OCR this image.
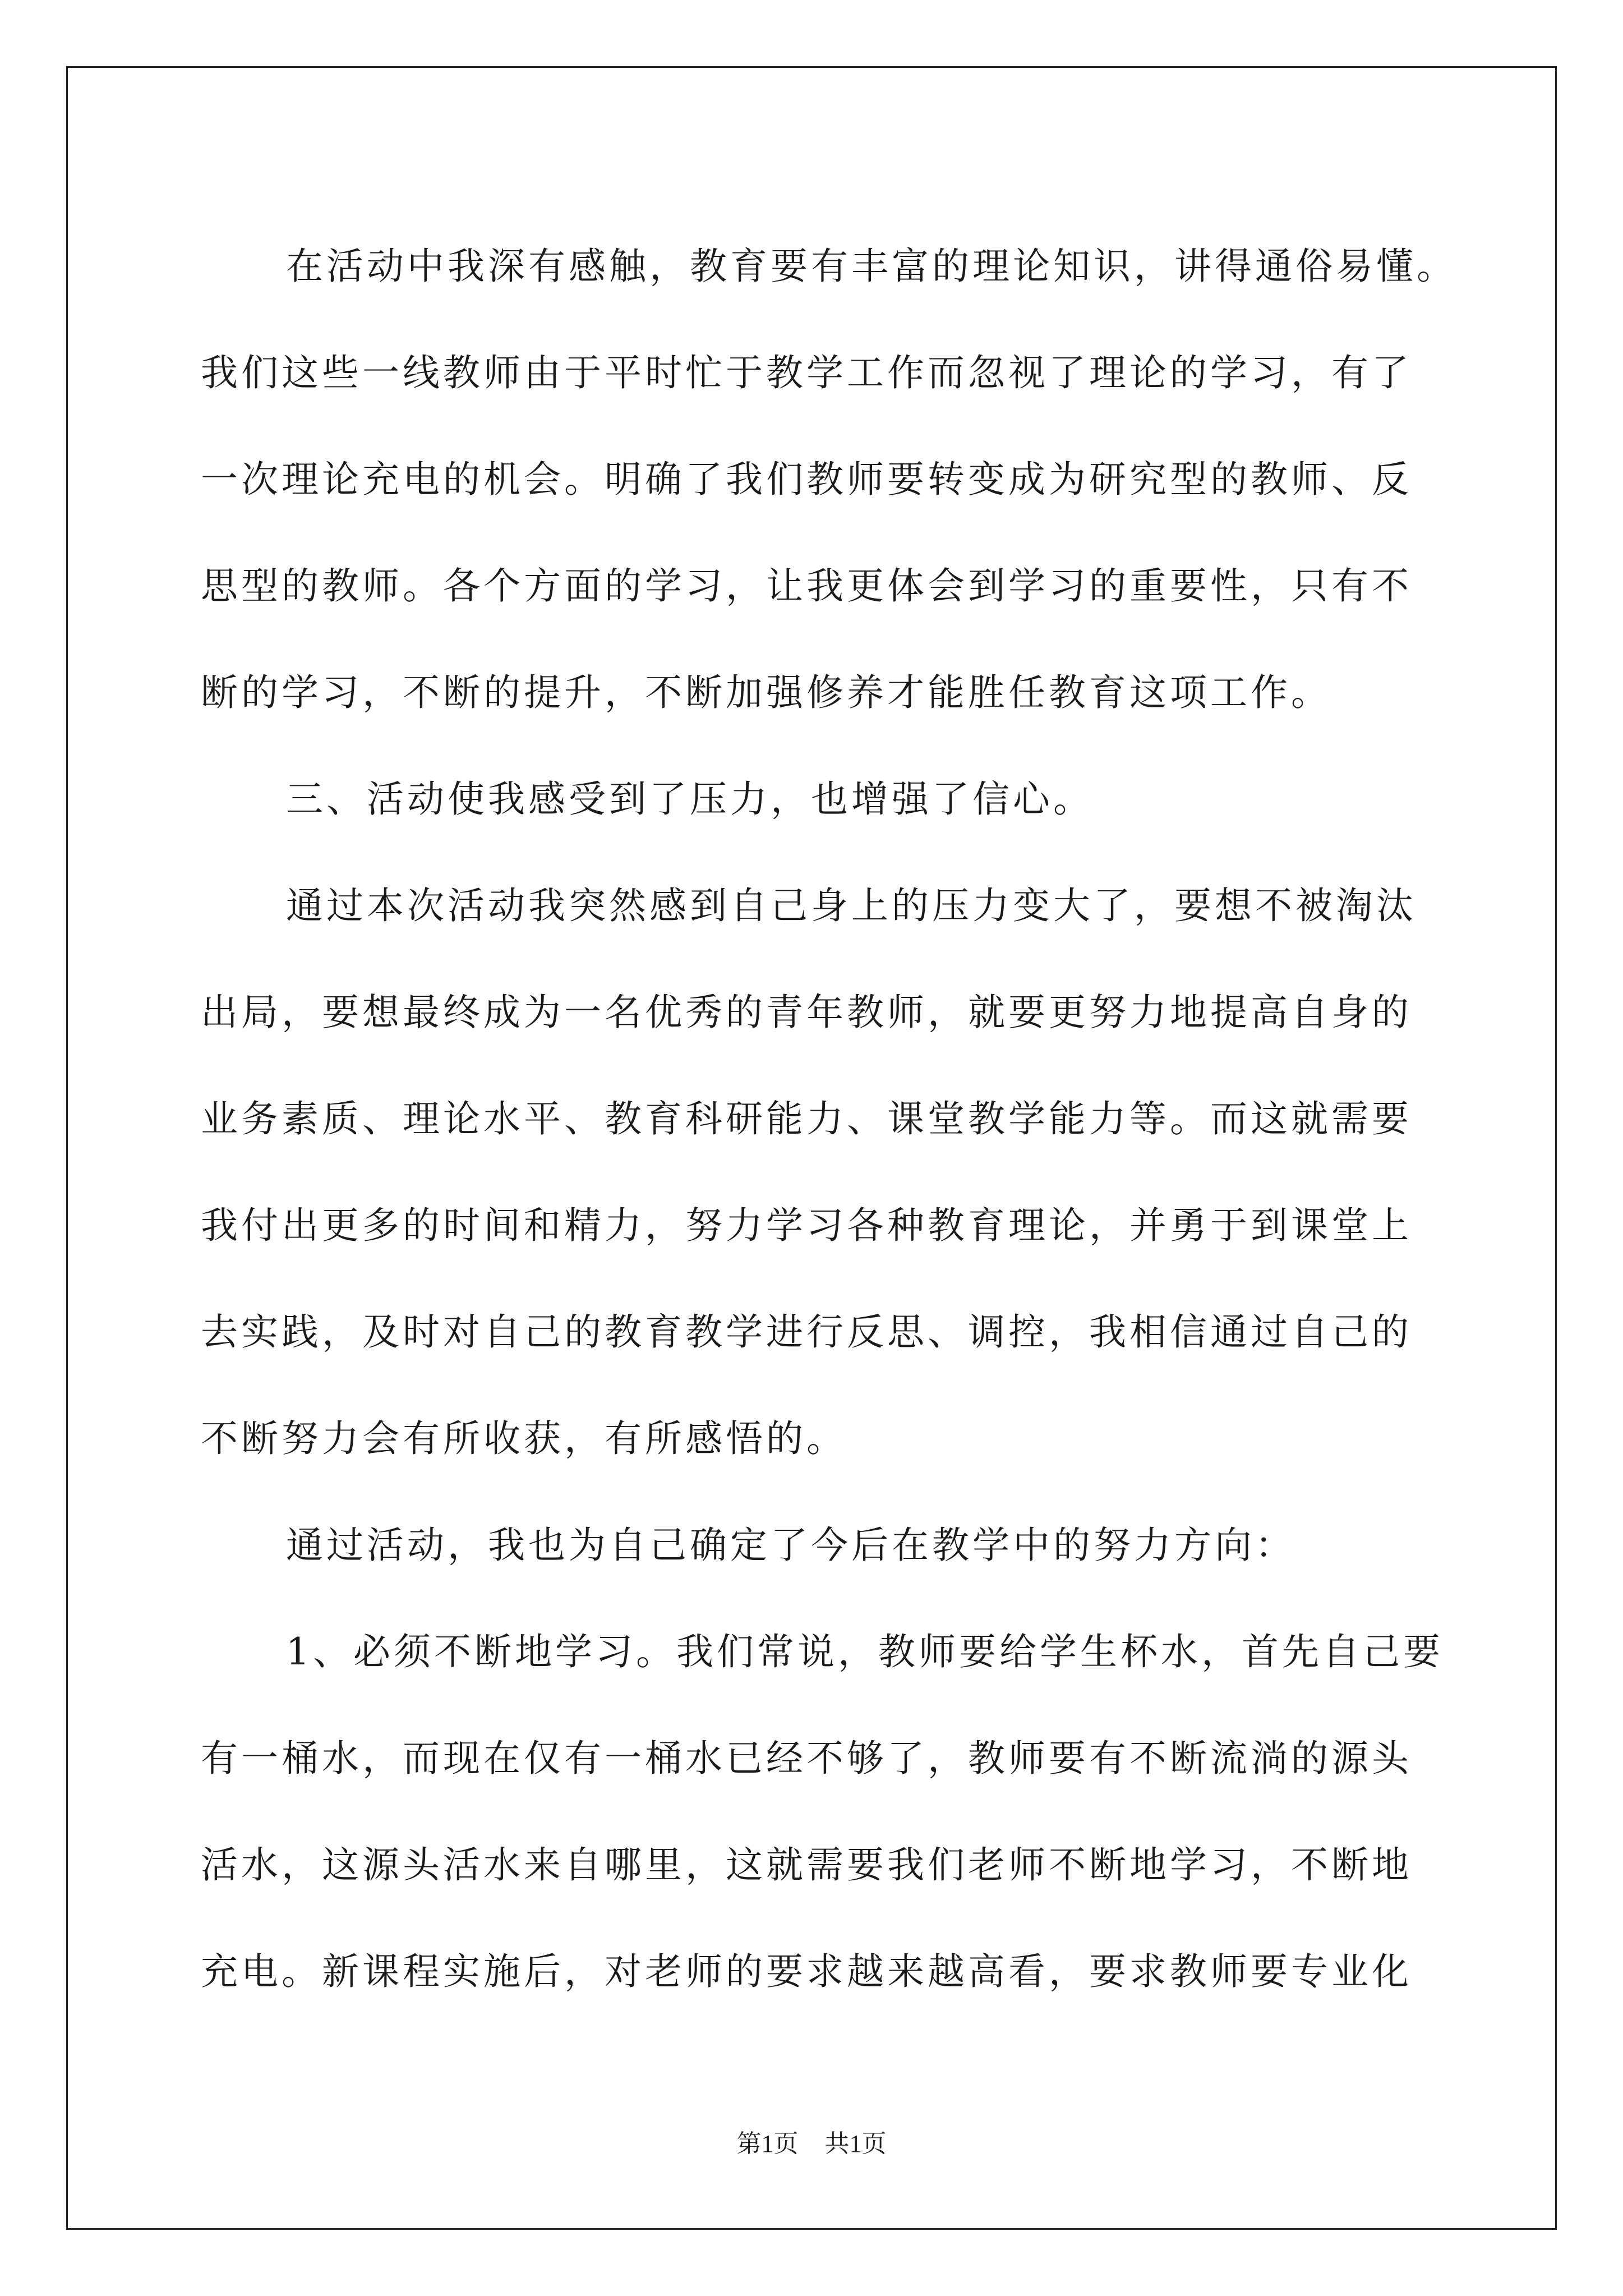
在活动中我深有感触，教育要有丰富的理论知识，讲得通俗易懂。
我们这些一线教师由于平时忙于教学工作而忽视了理论的学习，有了
一次理论充电的机会。明确了我们教师要转变成为研究型的教师、反
思型的教师。各个方面的学习，让我更体会到学习的重要性，只有不
断的学习，不断的提升，不断加强修养才能胜任教育这项工作。
三、活动使我感受到了压力，也增强了信心。
通过本次活动我突然感到自己身上的压力变大了，要想不被淘汰
出局，要想最终成为一名优秀的青年教师，就要更努力地提高自身的
业务素质、理论水平、教育科研能力、课堂教学能力等。而这就需要
我付出更多的时间和精力，努力学习各种教育理论，并勇于到课堂上
去实践，及时对自己的教育教学进行反思、调控，我相信通过自己的
不断努力会有所收获，有所感悟的。
通过活动，我也为自己确定了今后在教学中的努力方向：
1、必须不断地学习。我们常说，教师要给学生杯水，首先自己要
有一桶水，而现在仅有一桶水已经不够了，教师要有不断流淌的源头
活水，这源头活水来自哪里，这就需要我们老师不断地学习，不断地
充电。新课程实施后，对老师的要求越来越高看，要求教师要专业化
第1页 共1页
